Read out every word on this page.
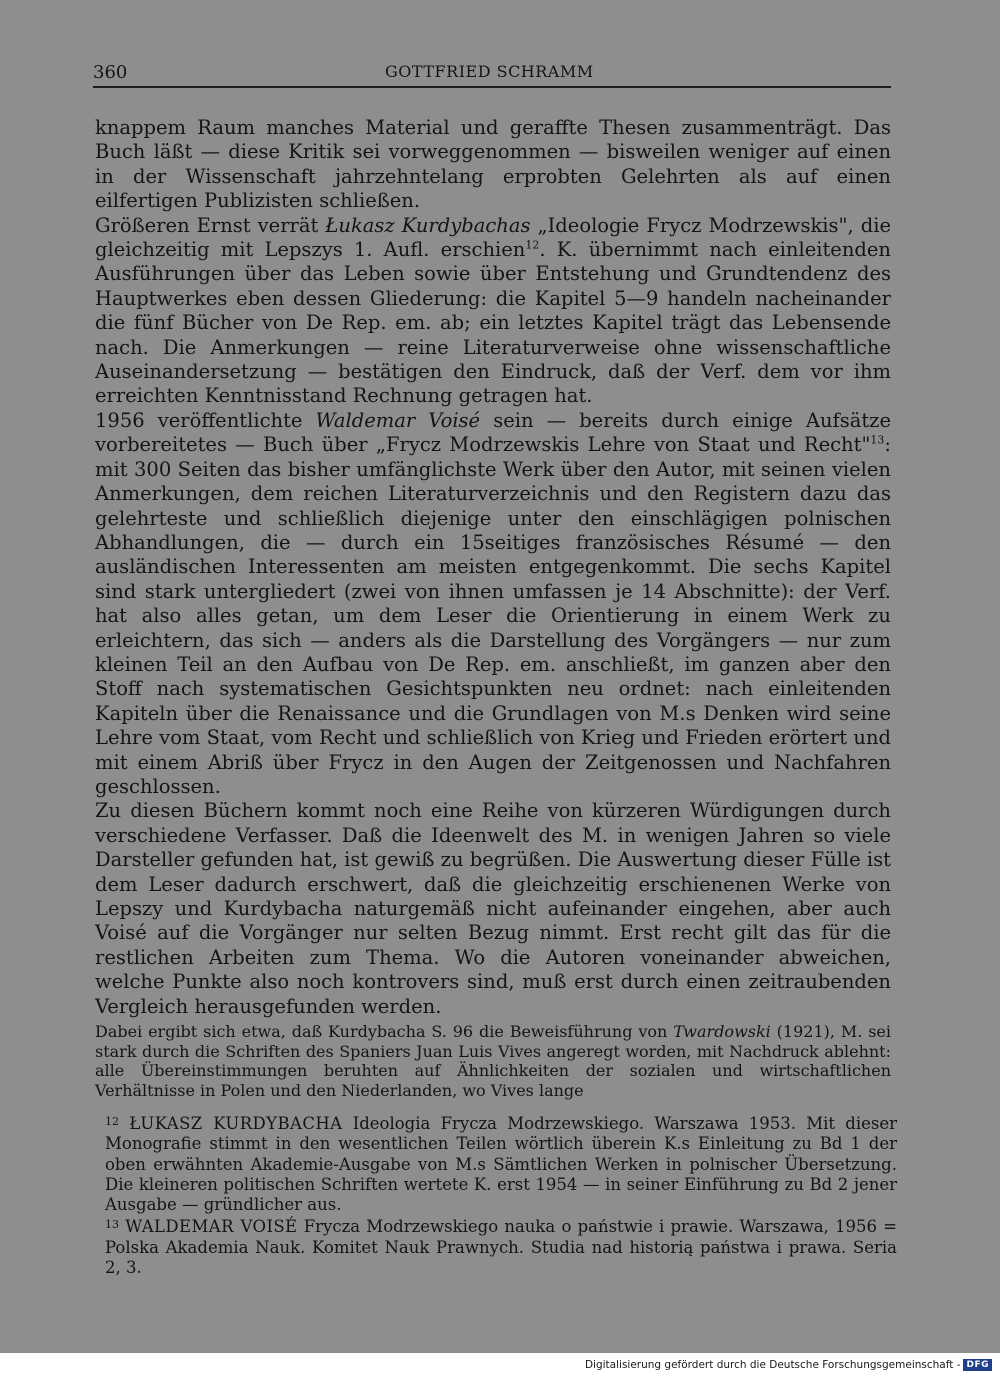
360	GOTTFRIED SCHRAMM

knappem Raum manches Material und geraffte Thesen zusammenträgt. Das Buch läßt — diese Kritik sei vorweggenommen — bisweilen weniger auf einen in der Wissenschaft jahrzehntelang erprobten Gelehrten als auf einen eilfertigen Publizisten schließen.

Größeren Ernst verrät Łukasz Kurdybachas „Ideologie Frycz Modrzewskis", die gleichzeitig mit Lepszys 1. Aufl. erschien$^{12}$. K. übernimmt nach einleitenden Ausführungen über das Leben sowie über Entstehung und Grundtendenz des Hauptwerkes eben dessen Gliederung: die Kapitel 5—9 handeln nacheinander die fünf Bücher von De Rep. em. ab; ein letztes Kapitel trägt das Lebensende nach. Die Anmerkungen — reine Literaturverweise ohne wissenschaftliche Auseinandersetzung — bestätigen den Eindruck, daß der Verf. dem vor ihm erreichten Kenntnisstand Rechnung getragen hat.

1956 veröffentlichte Waldemar Voisé sein — bereits durch einige Aufsätze vorbereitetes — Buch über „Frycz Modrzewskis Lehre von Staat und Recht"$^{13}$: mit 300 Seiten das bisher umfänglichste Werk über den Autor, mit seinen vielen Anmerkungen, dem reichen Literaturverzeichnis und den Registern dazu das gelehrteste und schließlich diejenige unter den einschlägigen polnischen Abhandlungen, die — durch ein 15seitiges französisches Résumé — den ausländischen Interessenten am meisten entgegenkommt. Die sechs Kapitel sind stark untergliedert (zwei von ihnen umfassen je 14 Abschnitte): der Verf. hat also alles getan, um dem Leser die Orientierung in einem Werk zu erleichtern, das sich — anders als die Darstellung des Vorgängers — nur zum kleinen Teil an den Aufbau von De Rep. em. anschließt, im ganzen aber den Stoff nach systematischen Gesichtspunkten neu ordnet: nach einleitenden Kapiteln über die Renaissance und die Grundlagen von M.s Denken wird seine Lehre vom Staat, vom Recht und schließlich von Krieg und Frieden erörtert und mit einem Abriß über Frycz in den Augen der Zeitgenossen und Nachfahren geschlossen.

Zu diesen Büchern kommt noch eine Reihe von kürzeren Würdigungen durch verschiedene Verfasser. Daß die Ideenwelt des M. in wenigen Jahren so viele Darsteller gefunden hat, ist gewiß zu begrüßen. Die Auswertung dieser Fülle ist dem Leser dadurch erschwert, daß die gleichzeitig erschienenen Werke von Lepszy und Kurdybacha naturgemäß nicht aufeinander eingehen, aber auch Voisé auf die Vorgänger nur selten Bezug nimmt. Erst recht gilt das für die restlichen Arbeiten zum Thema. Wo die Autoren voneinander abweichen, welche Punkte also noch kontrovers sind, muß erst durch einen zeitraubenden Vergleich herausgefunden werden.

Dabei ergibt sich etwa, daß Kurdybacha S. 96 die Beweisführung von Twardowski (1921), M. sei stark durch die Schriften des Spaniers Juan Luis Vives angeregt worden, mit Nachdruck ablehnt: alle Übereinstimmungen beruhten auf Ähnlichkeiten der sozialen und wirtschaftlichen Verhältnisse in Polen und den Niederlanden, wo Vives lange

$^{12}$ ŁUKASZ KURDYBACHA Ideologia Frycza Modrzewskiego. Warszawa 1953. Mit dieser Monografie stimmt in den wesentlichen Teilen wörtlich überein K.s Einleitung zu Bd 1 der oben erwähnten Akademie-Ausgabe von M.s Sämtlichen Werken in polnischer Übersetzung. Die kleineren politischen Schriften wertete K. erst 1954 — in seiner Einführung zu Bd 2 jener Ausgabe — gründlicher aus.

$^{13}$ WALDEMAR VOISÉ Frycza Modrzewskiego nauka o państwie i prawie. Warszawa, 1956 = Polska Akademia Nauk. Komitet Nauk Prawnych. Studia nad historią państwa i prawa. Seria 2, 3.

Digitalisierung gefördert durch die Deutsche Forschungsgemeinschaft - DFG
